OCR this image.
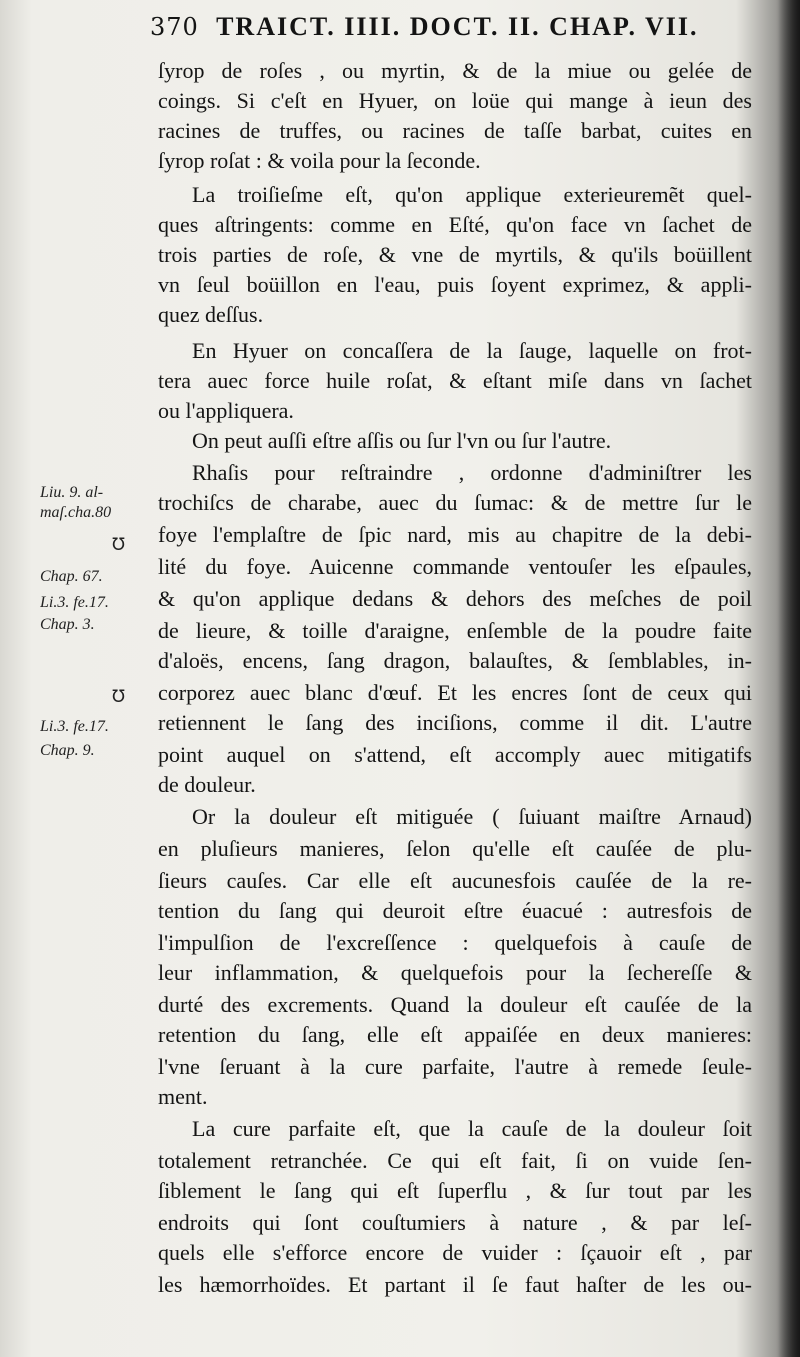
370 TRAICT. IIII. DOCT. II. CHAP. VII.
ſyrop de roſes , ou myrtin, & de la miue ou gelée de
coings. Si c'eſt en Hyuer, on loüe qui mange à ieun des
racines de truffes, ou racines de taſſe barbat, cuites en
ſyrop roſat : & voila pour la ſeconde.
La troiſieſme eſt, qu'on applique exterieuremẽt quel-
ques aſtringents: comme en Eſté, qu'on face vn ſachet de
trois parties de roſe, & vne de myrtils, & qu'ils boüillent
vn ſeul boüillon en l'eau, puis ſoyent exprimez, & appli-
quez deſſus.
En Hyuer on concaſſera de la ſauge, laquelle on frot-
tera auec force huile roſat, & eſtant miſe dans vn ſachet
ou l'appliquera.
On peut auſſi eſtre aſſis ou ſur l'vn ou ſur l'autre.
Rhaſis pour reſtraindre , ordonne d'adminiſtrer les
trochiſcs de charabe, auec du ſumac: & de mettre ſur le
foye l'emplaſtre de ſpic nard, mis au chapitre de la debi-
lité du foye. Auicenne commande ventouſer les eſpaules,
& qu'on applique dedans & dehors des meſches de poil
de lieure, & toille d'araigne, enſemble de la poudre faite
d'aloës, encens, ſang dragon, balauſtes, & ſemblables, in-
corporez auec blanc d'œuf. Et les encres ſont de ceux qui
retiennent le ſang des inciſions, comme il dit. L'autre
point auquel on s'attend, eſt accomply auec mitigatifs
de douleur.
Or la douleur eſt mitiguée ( ſuiuant maiſtre Arnaud)
en pluſieurs manieres, ſelon qu'elle eſt cauſée de plu-
ſieurs cauſes. Car elle eſt aucunesfois cauſée de la re-
tention du ſang qui deuroit eſtre éuacué : autresfois de
l'impulſion de l'excreſſence : quelquefois à cauſe de
leur inflammation, & quelquefois pour la ſechereſſe &
durté des excrements. Quand la douleur eſt cauſée de la
retention du ſang, elle eſt appaiſée en deux manieres:
l'vne ſeruant à la cure parfaite, l'autre à remede ſeule-
ment.
La cure parfaite eſt, que la cauſe de la douleur ſoit
totalement retranchée. Ce qui eſt fait, ſi on vuide ſen-
ſiblement le ſang qui eſt ſuperflu , & ſur tout par les
endroits qui ſont couſtumiers à nature , & par leſ-
quels elle s'efforce encore de vuider : ſçauoir eſt , par
les hæmorrhoïdes. Et partant il ſe faut haſter de les ou-
Liu. 9. al-
maſ.cha.80
℧
Chap. 67.
Li.3. fe.17.
Chap. 3.
℧
Li.3. fe.17.
Chap. 9.
